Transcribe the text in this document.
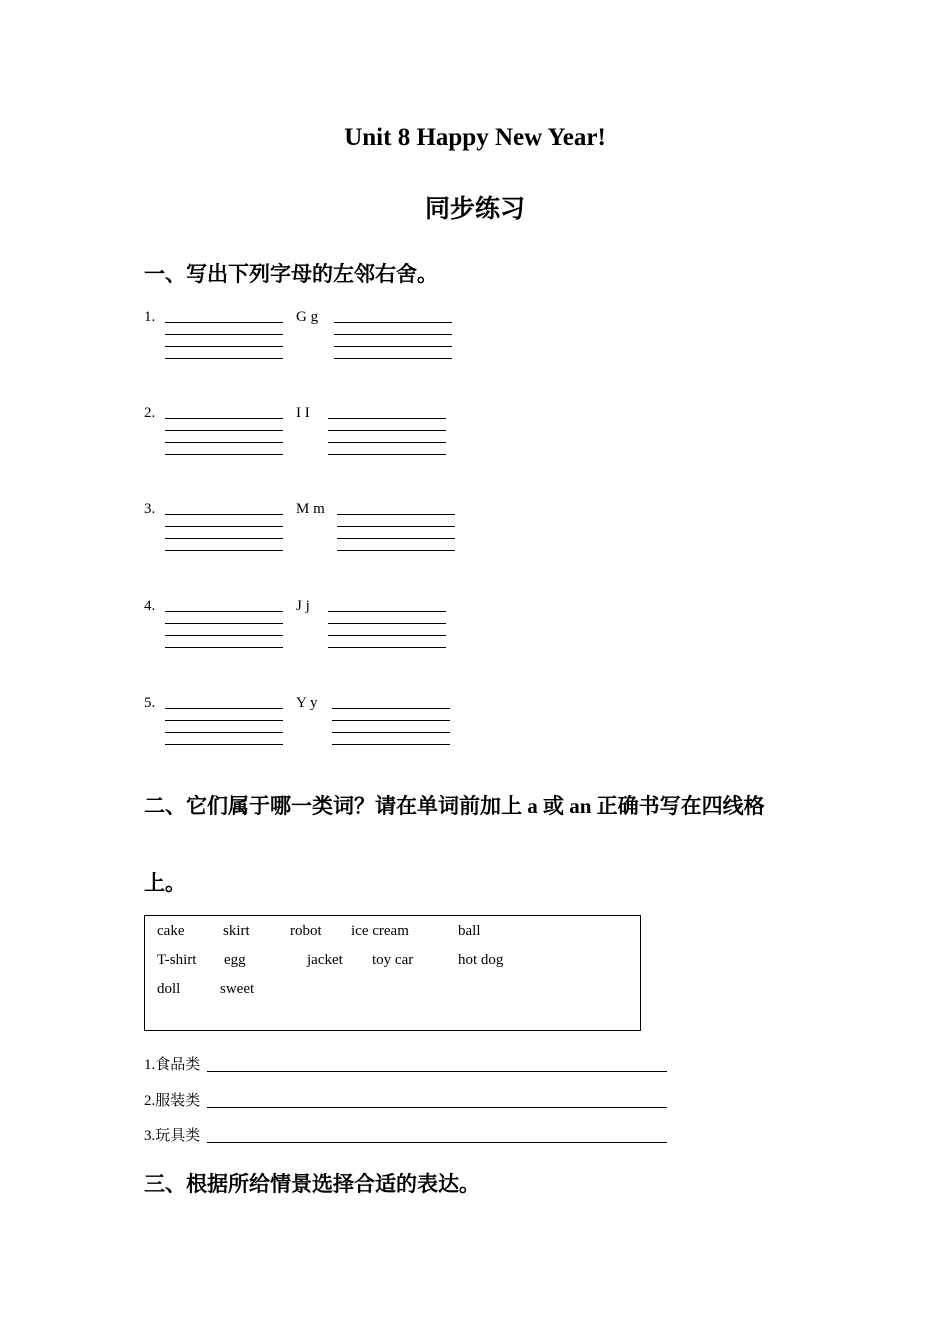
Unit 8 Happy New Year!
同步练习
一、写出下列字母的左邻右舍。
1.	G g
2.	I I
3.	M m
4.	J j
5.	Y y
二、它们属于哪一类词？请在单词前加上 a 或 an 正确书写在四线格
上。
cake	skirt	robot ice cream	ball
T-shirt egg	jacket toy car	hot dog
doll	sweet
1.食品类
2.服装类
3.玩具类
三、根据所给情景选择合适的表达。
